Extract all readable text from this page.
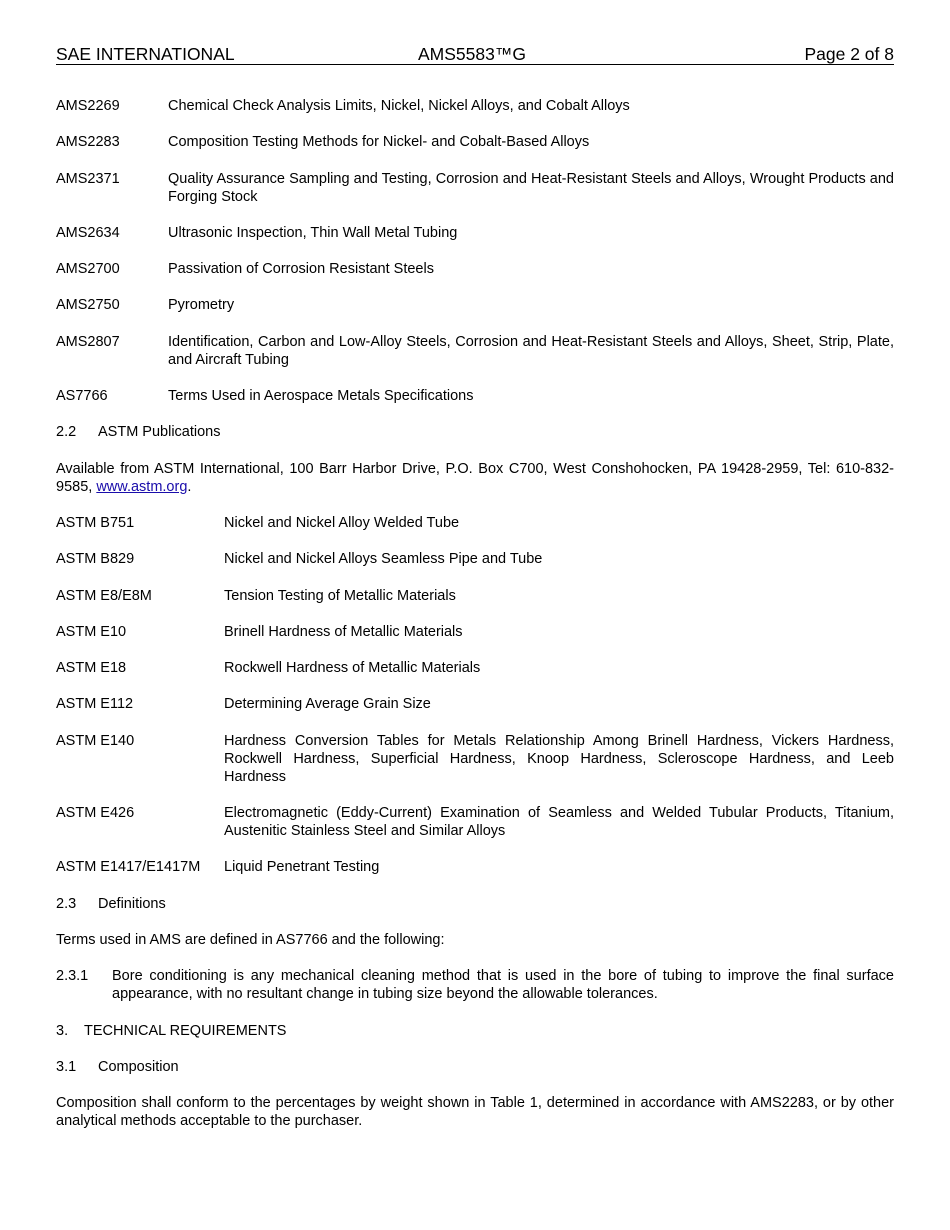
SAE INTERNATIONAL	AMS5583™G	Page 2 of 8
AMS2269	Chemical Check Analysis Limits, Nickel, Nickel Alloys, and Cobalt Alloys
AMS2283	Composition Testing Methods for Nickel- and Cobalt-Based Alloys
AMS2371	Quality Assurance Sampling and Testing, Corrosion and Heat-Resistant Steels and Alloys, Wrought Products and Forging Stock
AMS2634	Ultrasonic Inspection, Thin Wall Metal Tubing
AMS2700	Passivation of Corrosion Resistant Steels
AMS2750	Pyrometry
AMS2807	Identification, Carbon and Low-Alloy Steels, Corrosion and Heat-Resistant Steels and Alloys, Sheet, Strip, Plate, and Aircraft Tubing
AS7766	Terms Used in Aerospace Metals Specifications
2.2 ASTM Publications
Available from ASTM International, 100 Barr Harbor Drive, P.O. Box C700, West Conshohocken, PA 19428-2959, Tel: 610-832-9585, www.astm.org.
ASTM B751	Nickel and Nickel Alloy Welded Tube
ASTM B829	Nickel and Nickel Alloys Seamless Pipe and Tube
ASTM E8/E8M	Tension Testing of Metallic Materials
ASTM E10	Brinell Hardness of Metallic Materials
ASTM E18	Rockwell Hardness of Metallic Materials
ASTM E112	Determining Average Grain Size
ASTM E140	Hardness Conversion Tables for Metals Relationship Among Brinell Hardness, Vickers Hardness, Rockwell Hardness, Superficial Hardness, Knoop Hardness, Scleroscope Hardness, and Leeb Hardness
ASTM E426	Electromagnetic (Eddy-Current) Examination of Seamless and Welded Tubular Products, Titanium, Austenitic Stainless Steel and Similar Alloys
ASTM E1417/E1417M	Liquid Penetrant Testing
2.3 Definitions
Terms used in AMS are defined in AS7766 and the following:
2.3.1	Bore conditioning is any mechanical cleaning method that is used in the bore of tubing to improve the final surface appearance, with no resultant change in tubing size beyond the allowable tolerances.
3. TECHNICAL REQUIREMENTS
3.1 Composition
Composition shall conform to the percentages by weight shown in Table 1, determined in accordance with AMS2283, or by other analytical methods acceptable to the purchaser.
